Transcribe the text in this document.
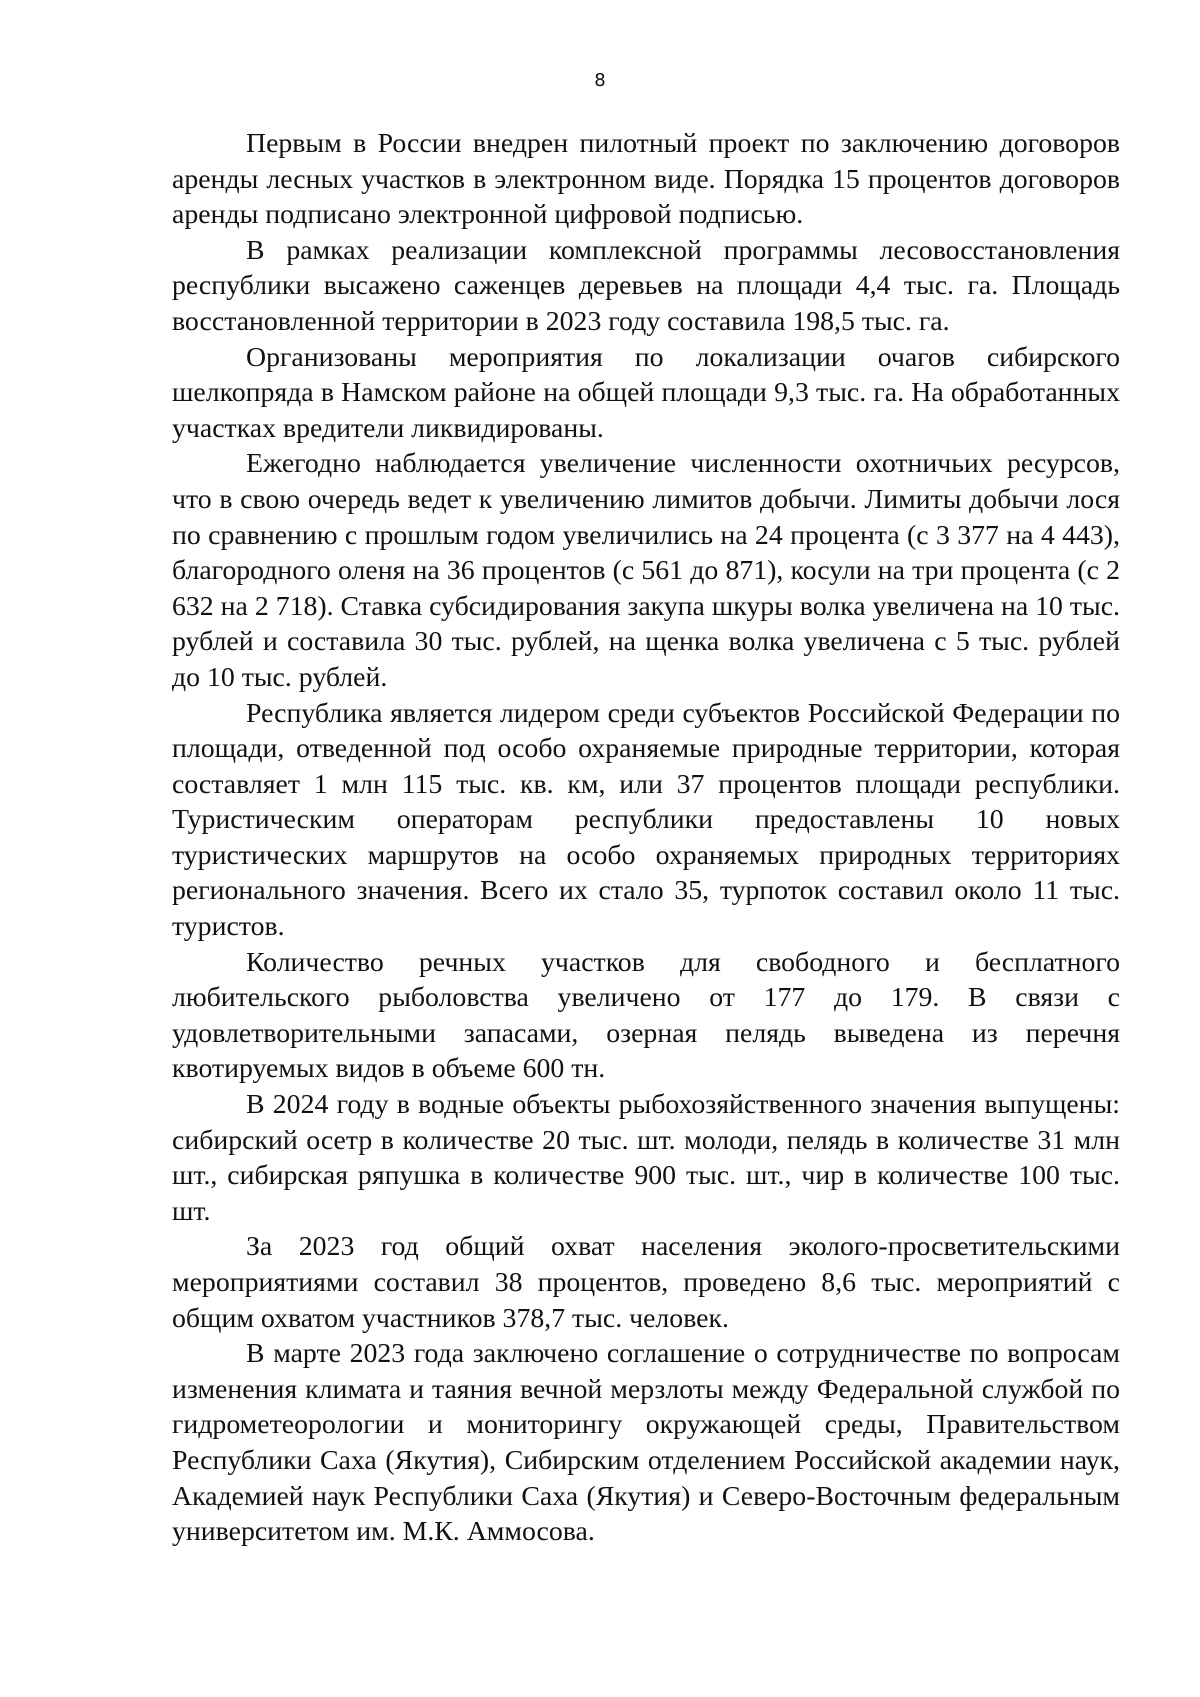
8

Первым в России внедрен пилотный проект по заключению договоров аренды лесных участков в электронном виде. Порядка 15 процентов договоров аренды подписано электронной цифровой подписью.

В рамках реализации комплексной программы лесовосстановления республики высажено саженцев деревьев на площади 4,4 тыс. га. Площадь восстановленной территории в 2023 году составила 198,5 тыс. га.

Организованы мероприятия по локализации очагов сибирского шелкопряда в Намском районе на общей площади 9,3 тыс. га. На обработанных участках вредители ликвидированы.

Ежегодно наблюдается увеличение численности охотничьих ресурсов, что в свою очередь ведет к увеличению лимитов добычи. Лимиты добычи лося по сравнению с прошлым годом увеличились на 24 процента (с 3 377 на 4 443), благородного оленя на 36 процентов (с 561 до 871), косули на три процента (с 2 632 на 2 718). Ставка субсидирования закупа шкуры волка увеличена на 10 тыс. рублей и составила 30 тыс. рублей, на щенка волка увеличена с 5 тыс. рублей до 10 тыс. рублей.

Республика является лидером среди субъектов Российской Федерации по площади, отведенной под особо охраняемые природные территории, которая составляет 1 млн 115 тыс. кв. км, или 37 процентов площади республики. Туристическим операторам республики предоставлены 10 новых туристических маршрутов на особо охраняемых природных территориях регионального значения. Всего их стало 35, турпоток составил около 11 тыс. туристов.

Количество речных участков для свободного и бесплатного любительского рыболовства увеличено от 177 до 179. В связи с удовлетворительными запасами, озерная пелядь выведена из перечня квотируемых видов в объеме 600 тн.

В 2024 году в водные объекты рыбохозяйственного значения выпущены: сибирский осетр в количестве 20 тыс. шт. молоди, пелядь в количестве 31 млн шт., сибирская ряпушка в количестве 900 тыс. шт., чир в количестве 100 тыс. шт.

За 2023 год общий охват населения эколого-просветительскими мероприятиями составил 38 процентов, проведено 8,6 тыс. мероприятий с общим охватом участников 378,7 тыс. человек.

В марте 2023 года заключено соглашение о сотрудничестве по вопросам изменения климата и таяния вечной мерзлоты между Федеральной службой по гидрометеорологии и мониторингу окружающей среды, Правительством Республики Саха (Якутия), Сибирским отделением Российской академии наук, Академией наук Республики Саха (Якутия) и Северо-Восточным федеральным университетом им. М.К. Аммосова.
